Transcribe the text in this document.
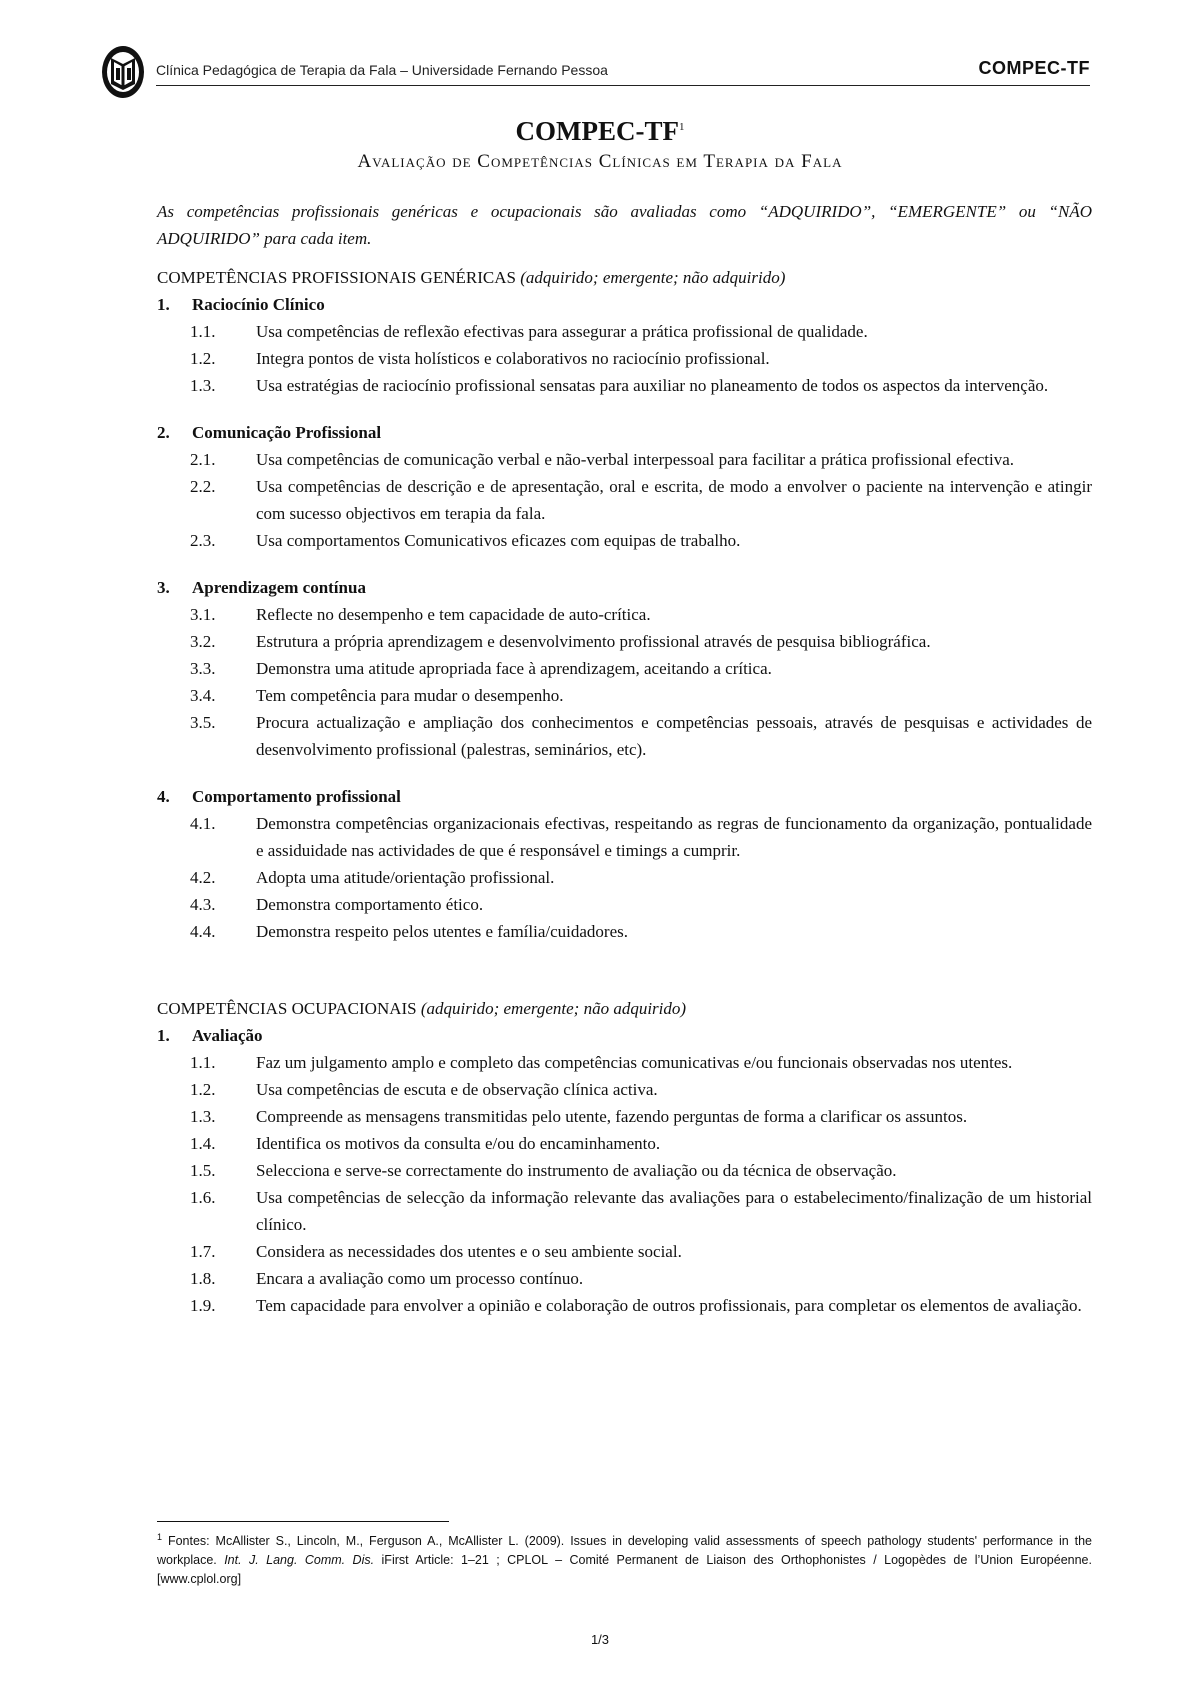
Clínica Pedagógica de Terapia da Fala – Universidade Fernando Pessoa	COMPEC-TF
COMPEC-$TF^1$
Avaliação de Competências Clínicas em Terapia da Fala

As competências profissionais genéricas e ocupacionais são avaliadas como “ADQUIRIDO”, “EMERGENTE” ou “NÃO ADQUIRIDO” para cada item.

COMPETÊNCIAS PROFISSIONAIS GENÉRICAS (adquirido; emergente; não adquirido)
1. Raciocínio Clínico
1.1. Usa competências de reflexão efectivas para assegurar a prática profissional de qualidade.
1.2. Integra pontos de vista holísticos e colaborativos no raciocínio profissional.
1.3. Usa estratégias de raciocínio profissional sensatas para auxiliar no planeamento de todos os aspectos da intervenção.
2. Comunicação Profissional
2.1. Usa competências de comunicação verbal e não-verbal interpessoal para facilitar a prática profissional efectiva.
2.2. Usa competências de descrição e de apresentação, oral e escrita, de modo a envolver o paciente na intervenção e atingir com sucesso objectivos em terapia da fala.
2.3. Usa comportamentos Comunicativos eficazes com equipas de trabalho.
3. Aprendizagem contínua
3.1. Reflecte no desempenho e tem capacidade de auto-crítica.
3.2. Estrutura a própria aprendizagem e desenvolvimento profissional através de pesquisa bibliográfica.
3.3. Demonstra uma atitude apropriada face à aprendizagem, aceitando a crítica.
3.4. Tem competência para mudar o desempenho.
3.5. Procura actualização e ampliação dos conhecimentos e competências pessoais, através de pesquisas e actividades de desenvolvimento profissional (palestras, seminários, etc).
4. Comportamento profissional
4.1. Demonstra competências organizacionais efectivas, respeitando as regras de funcionamento da organização, pontualidade e assiduidade nas actividades de que é responsável e timings a cumprir.
4.2. Adopta uma atitude/orientação profissional.
4.3. Demonstra comportamento ético.
4.4. Demonstra respeito pelos utentes e família/cuidadores.
COMPETÊNCIAS OCUPACIONAIS (adquirido; emergente; não adquirido)
1. Avaliação
1.1. Faz um julgamento amplo e completo das competências comunicativas e/ou funcionais observadas nos utentes.
1.2. Usa competências de escuta e de observação clínica activa.
1.3. Compreende as mensagens transmitidas pelo utente, fazendo perguntas de forma a clarificar os assuntos.
1.4. Identifica os motivos da consulta e/ou do encaminhamento.
1.5. Selecciona e serve-se correctamente do instrumento de avaliação ou da técnica de observação.
1.6. Usa competências de selecção da informação relevante das avaliações para o estabelecimento/finalização de um historial clínico.
1.7. Considera as necessidades dos utentes e o seu ambiente social.
1.8. Encara a avaliação como um processo contínuo.
1.9. Tem capacidade para envolver a opinião e colaboração de outros profissionais, para completar os elementos de avaliação.
$^1$ Fontes: McAllister S., Lincoln, M., Ferguson A., McAllister L. (2009). Issues in developing valid assessments of speech pathology students' performance in the workplace. Int. J. Lang. Comm. Dis. iFirst Article: 1–21 ; CPLOL – Comité Permanent de Liaison des Orthophonistes / Logopèdes de l’Union Européenne. [www.cplol.org]
1/3
